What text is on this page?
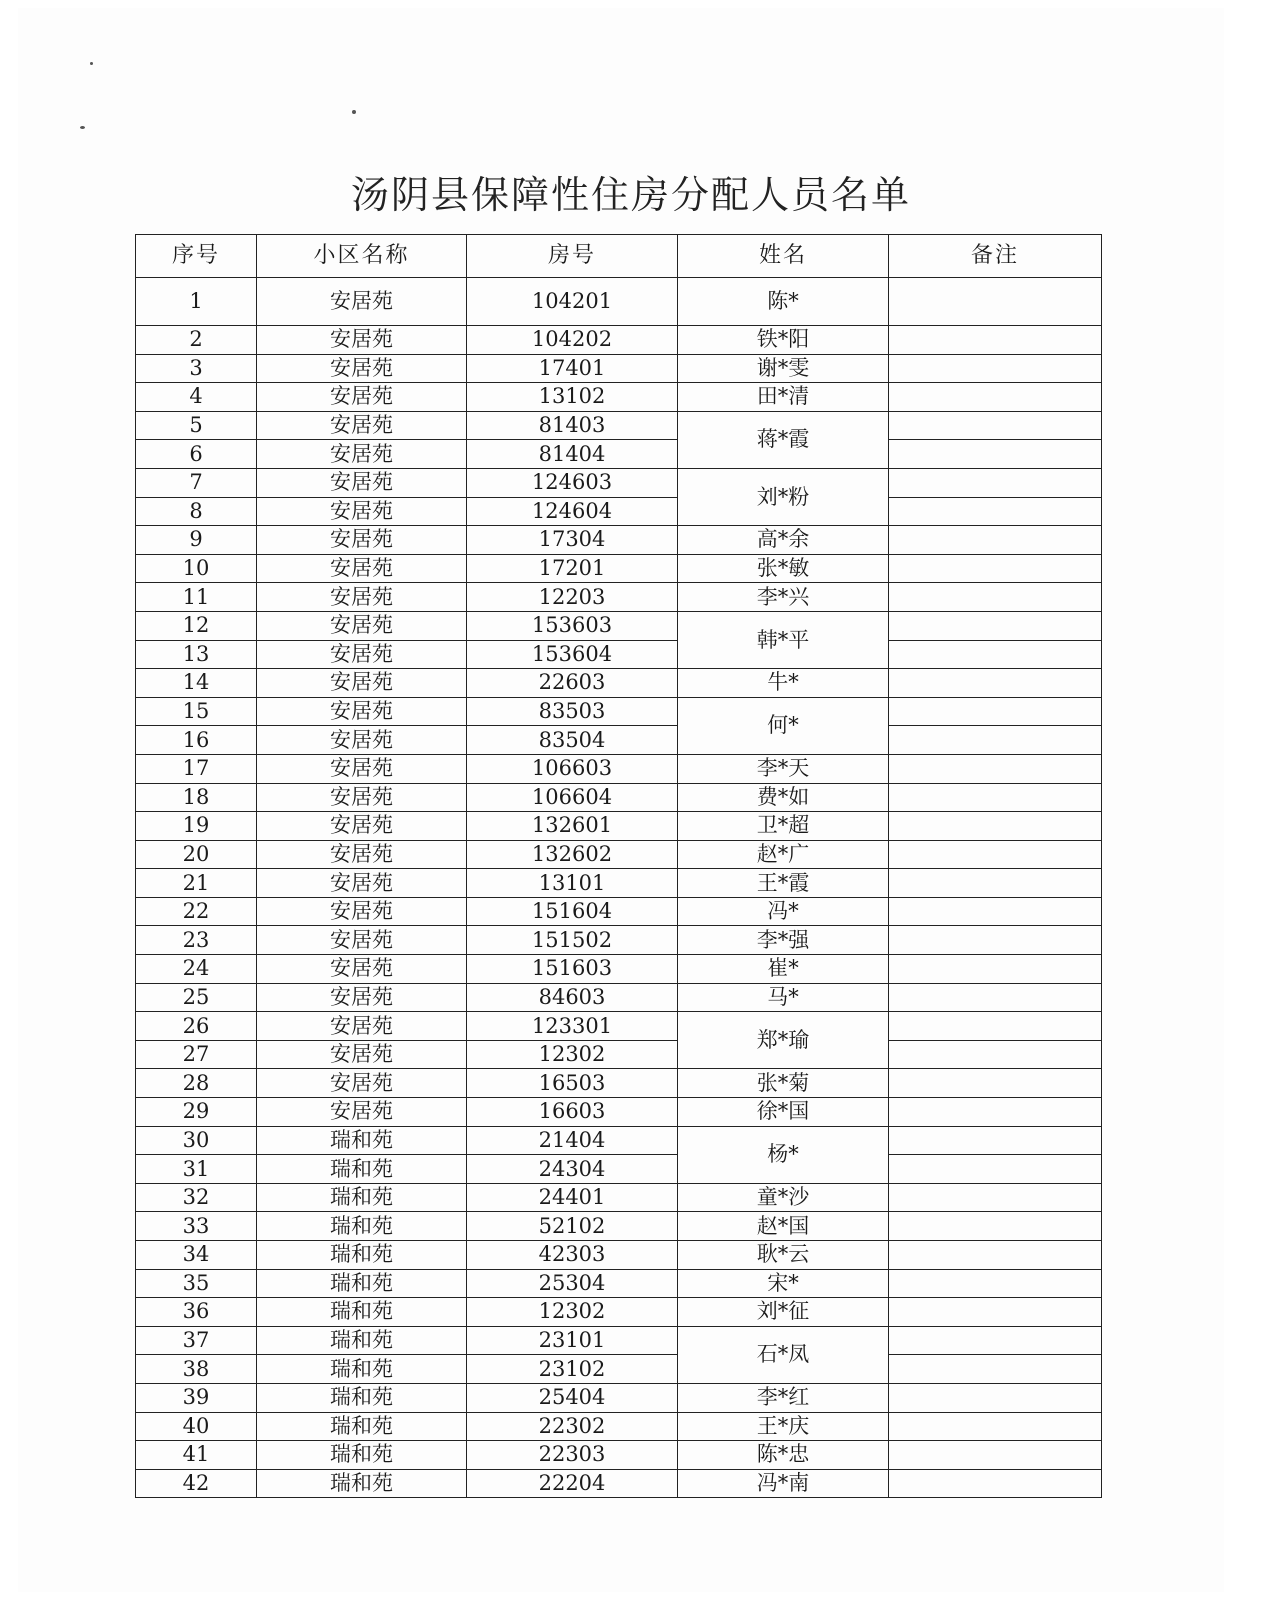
汤阴县保障性住房分配人员名单
序号	小区名称	房号	姓名	备注
1	安居苑	104201	陈*	
2	安居苑	104202	铁*阳	
3	安居苑	17401	谢*雯	
4	安居苑	13102	田*清	
5	安居苑	81403	蒋*霞	
6	安居苑	81404		
7	安居苑	124603	刘*粉	
8	安居苑	124604		
9	安居苑	17304	高*余	
10	安居苑	17201	张*敏	
11	安居苑	12203	李*兴	
12	安居苑	153603	韩*平	
13	安居苑	153604		
14	安居苑	22603	牛*	
15	安居苑	83503	何*	
16	安居苑	83504		
17	安居苑	106603	李*天	
18	安居苑	106604	费*如	
19	安居苑	132601	卫*超	
20	安居苑	132602	赵*广	
21	安居苑	13101	王*霞	
22	安居苑	151604	冯*	
23	安居苑	151502	李*强	
24	安居苑	151603	崔*	
25	安居苑	84603	马*	
26	安居苑	123301	郑*瑜	
27	安居苑	12302		
28	安居苑	16503	张*菊	
29	安居苑	16603	徐*国	
30	瑞和苑	21404	杨*	
31	瑞和苑	24304		
32	瑞和苑	24401	童*沙	
33	瑞和苑	52102	赵*国	
34	瑞和苑	42303	耿*云	
35	瑞和苑	25304	宋*	
36	瑞和苑	12302	刘*征	
37	瑞和苑	23101	石*凤	
38	瑞和苑	23102		
39	瑞和苑	25404	李*红	
40	瑞和苑	22302	王*庆	
41	瑞和苑	22303	陈*忠	
42	瑞和苑	22204	冯*南	
